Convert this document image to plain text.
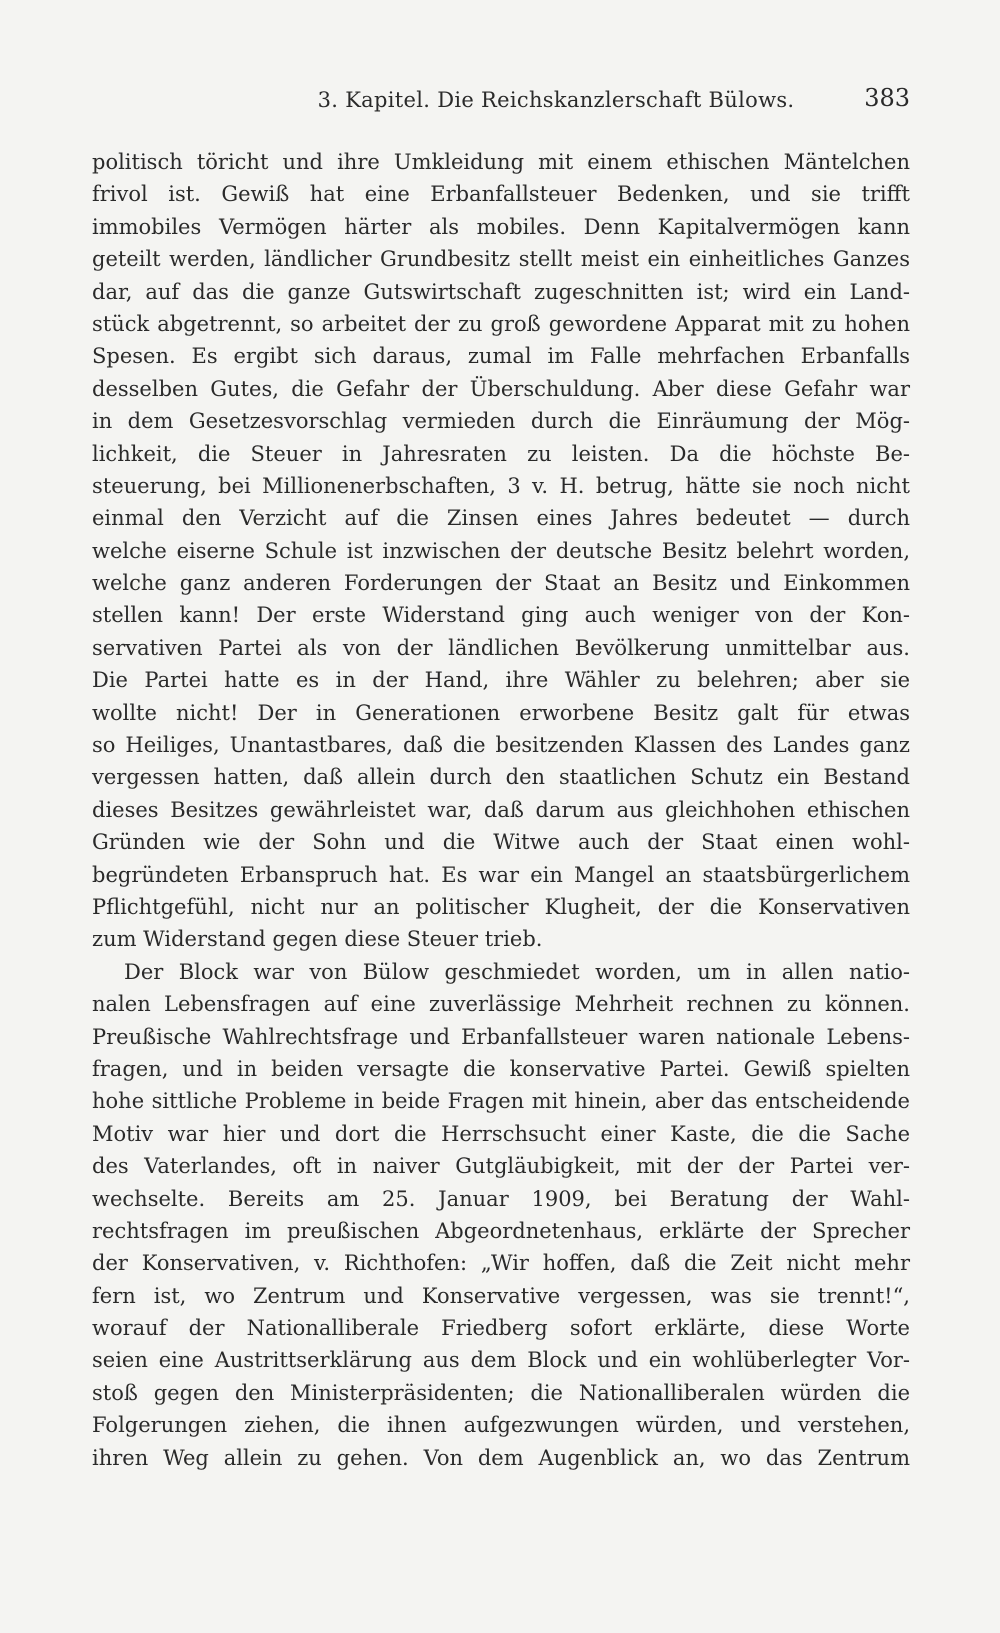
3. Kapitel. Die Reichskanzlerschaft Bülows.	383
politisch töricht und ihre Umkleidung mit einem ethischen Mäntelchen
frivol ist. Gewiß hat eine Erbanfallsteuer Bedenken, und sie trifft
immobiles Vermögen härter als mobiles. Denn Kapitalvermögen kann
geteilt werden, ländlicher Grundbesitz stellt meist ein einheitliches Ganzes
dar, auf das die ganze Gutswirtschaft zugeschnitten ist; wird ein Land-
stück abgetrennt, so arbeitet der zu groß gewordene Apparat mit zu hohen
Spesen. Es ergibt sich daraus, zumal im Falle mehrfachen Erbanfalls
desselben Gutes, die Gefahr der Überschuldung. Aber diese Gefahr war
in dem Gesetzesvorschlag vermieden durch die Einräumung der Mög-
lichkeit, die Steuer in Jahresraten zu leisten. Da die höchste Be-
steuerung, bei Millionenerbschaften, 3 v. H. betrug, hätte sie noch nicht
einmal den Verzicht auf die Zinsen eines Jahres bedeutet — durch
welche eiserne Schule ist inzwischen der deutsche Besitz belehrt worden,
welche ganz anderen Forderungen der Staat an Besitz und Einkommen
stellen kann! Der erste Widerstand ging auch weniger von der Kon-
servativen Partei als von der ländlichen Bevölkerung unmittelbar aus.
Die Partei hatte es in der Hand, ihre Wähler zu belehren; aber sie
wollte nicht! Der in Generationen erworbene Besitz galt für etwas
so Heiliges, Unantastbares, daß die besitzenden Klassen des Landes ganz
vergessen hatten, daß allein durch den staatlichen Schutz ein Bestand
dieses Besitzes gewährleistet war, daß darum aus gleichhohen ethischen
Gründen wie der Sohn und die Witwe auch der Staat einen wohl-
begründeten Erbanspruch hat. Es war ein Mangel an staatsbürgerlichem
Pflichtgefühl, nicht nur an politischer Klugheit, der die Konservativen
zum Widerstand gegen diese Steuer trieb.
Der Block war von Bülow geschmiedet worden, um in allen natio-
nalen Lebensfragen auf eine zuverlässige Mehrheit rechnen zu können.
Preußische Wahlrechtsfrage und Erbanfallsteuer waren nationale Lebens-
fragen, und in beiden versagte die konservative Partei. Gewiß spielten
hohe sittliche Probleme in beide Fragen mit hinein, aber das entscheidende
Motiv war hier und dort die Herrschsucht einer Kaste, die die Sache
des Vaterlandes, oft in naiver Gutgläubigkeit, mit der der Partei ver-
wechselte. Bereits am 25. Januar 1909, bei Beratung der Wahl-
rechtsfragen im preußischen Abgeordnetenhaus, erklärte der Sprecher
der Konservativen, v. Richthofen: „Wir hoffen, daß die Zeit nicht mehr
fern ist, wo Zentrum und Konservative vergessen, was sie trennt!“,
worauf der Nationalliberale Friedberg sofort erklärte, diese Worte
seien eine Austrittserklärung aus dem Block und ein wohlüberlegter Vor-
stoß gegen den Ministerpräsidenten; die Nationalliberalen würden die
Folgerungen ziehen, die ihnen aufgezwungen würden, und verstehen,
ihren Weg allein zu gehen. Von dem Augenblick an, wo das Zentrum
